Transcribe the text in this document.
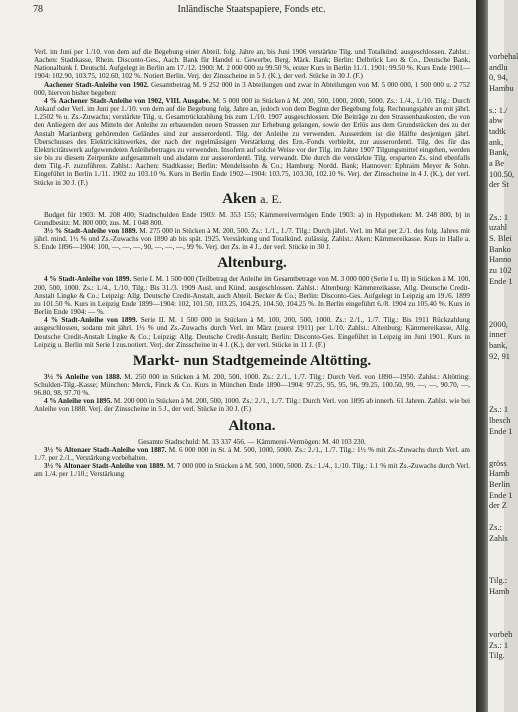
78	Inländische Staatspapiere, Fonds etc.

Verl. im Juni per 1./10. von dem auf die Begebung einer Abteil. folg. Jahre an, bis Juni 1906 verstärkte Tilg. und Totalkünd. ausgeschlossen. Zahlst.: Aachen: Stadtkasse, Rhein. Disconto-Ges., Aach. Bank für Handel u. Gewerbe, Berg. Märk. Bank; Berlin: Delbrück Leo & Co., Deutsche Bank, Nationalbank f. Deutschl. Aufgelegt in Berlin am 17./12. 1900: M. 2 000 000 zu 99.50 %, erster Kurs in Berlin 11./1. 1901: 99.50 %. Kurs Ende 1901—1904: 102.90, 103.75, 102.60, 102 %. Notiert Berlin. Verj. der Zinsscheine in 5 J. (K.), der verl. Stücke in 30 J. (F.)

Aachener Stadt-Anleihe von 1902. Gesamtbetrag M. 9 252 000 in 3 Abteilungen und zwar in Abteilungen von M. 5 000 000, 1 500 000 u. 2 752 000, hiervon bisher begeben:

4 % Aachener Stadt-Anleihe von 1902, VIII. Ausgabe. M. 5 000 000 in Stücken à M. 200, 500, 1000, 2000, 5000. Zs.: 1./4., 1./10. Tilg.: Durch Ankauf oder Verl. im Juni per 1./10. von dem auf die Begebung folg. Jahre an, jedoch von dem Beginn der Begebung folg. Rechnungsjahre an mit jährl. 1.2502 % u. Zs.-Zuwachs; verstärkte Tilg. u. Gesamtrückzahlung bis zum 1./10. 1907 ausgeschlossen. Die Beiträge zu den Strassenbaukosten, die von den Anliegern der aus Mitteln der Anleihe zu erbauenden neuen Strassen zur Erhebung gelangen, sowie der Erlös aus dem Grundstücken des zu der Anstalt Marianberg gehörenden Geländes sind zur ausserordentl. Tilg. der Anleihe zu verwenden. Ausserdem ist die Hälfte desjenigen jährl. Überschusses des Elektricitätswerkes, der nach der regelmässigen Verstärkung des Ern.-Fonds verbleibt, zur ausserordentl. Tilg. des für das Elektricitätswerk aufgewendeten Anleihebetrages zu verwenden. Insofern auf solche Weise vor der Tilg. im Jahre 1907 Tilgungsmittel eingehen, werden sie bis zu diesem Zeitpunkte aufgesammelt und alsdann zur ausserordentl. Tilg. verwandt. Die durch die verstärkte Tilg. ersparten Zs. sind ebenfalls dem Tilg.-F. zuzuführen. Zahlst.: Aachen: Stadtkasse; Berlin: Mendelssohn & Co.; Hamburg: Nordd. Bank; Hannover: Ephraim Meyer & Sohn. Eingeführt in Berlin 1./11. 1902 zu 103.10 %. Kurs in Berlin Ende 1902—1904: 103.75, 103.30, 102.10 %. Verj. der Zinsscheine in 4 J. (K.), der verl. Stücke in 30 J. (F.)

Aken a. E.

Budget für 1903: M. 208 400; Stadtschulden Ende 1903: M. 353 155; Kämmereivermögen Ende 1903: a) in Hypotheken: M. 248 800, b) in Grundbesitz: M. 800 000; zus. M. 1 048 800.

3½ % Stadt-Anleihe von 1889. M. 275 000 in Stücken à M. 200, 500. Zs.: 1./1., 1./7. Tilg.: Durch jährl. Verl. im Mai per 2./1. des folg. Jahres mit jährl. mind. 1½ % und Zs.-Zuwachs von 1890 ab bis spät. 1925. Verstärkung und Totalkünd. zulässig. Zahlst.: Aken: Kämmereikasse. Kurs in Halle a. S. Ende 1896—1904: 100, —, —, —, 90, —, —, —, 99 %. Verj. der Zs. in 4 J., der verl. Stücke in 30 J.

Altenburg.

4 % Stadt-Anleihe von 1899. Serie I. M. 1 500 000 (Teilbetrag der Anleihe im Gesamtbetrage von M. 3 000 000 (Serie I u. II) in Stücken à M. 100, 200, 500, 1000. Zs.: 1./4., 1./10. Tilg.: Bis 31./3. 1909 Ausl. und Künd. ausgeschlossen. Zahlst.: Altenburg: Kämmereikasse, Allg. Deutsche Credit-Anstalt Lingke & Co.; Leipzig: Allg. Deutsche Credit-Anstalt, auch Abteil. Becker & Co.; Berlin: Disconto-Ges. Aufgelegt in Leipzig am 19./6. 1899 zu 101.50 %. Kurs in Leipzig Ende 1899—1904: 102, 101.50, 103.25, 104.25, 104.50, 104.25 %. In Berlin eingeführt 6./8. 1904 zu 105.40 %. Kurs in Berlin Ende 1904: — %.

4 % Stadt-Anleihe von 1899. Serie II. M. 1 500 000 in Stücken à M. 100, 200, 500, 1000. Zs.: 2./1., 1./7. Tilg.: Bis 1911 Rückzahlung ausgeschlossen, sodann mit jährl. 1½ % und Zs.-Zuwachs durch Verl. im März (zuerst 1911) per 1./10. Zahlst.: Altenburg: Kämmereikasse, Allg. Deutsche Credit-Anstalt Lingke & Co.; Leipzig: Allg. Deutsche Credit-Anstalt; Berlin: Disconto-Ges. Eingeführt in Leipzig im Juni 1901. Kurs in Leipzig u. Berlin mit Serie I zus.notiert. Verj. der Zinsscheine in 4 J. (K.), der verl. Stücke in 11 J. (F.)

Markt- nun Stadtgemeinde Altötting.

3½ % Anleihe von 1888. M. 250 000 in Stücken à M. 200, 500, 1000. Zs.: 2./1., 1./7. Tilg.: Durch Verl. von 1890—1950. Zahlst.: Altötting: Schulden-Tilg.-Kasse; München: Merck, Finck & Co. Kurs in München Ende 1890—1904: 97.25, 95, 95, 96, 99.25, 100.50, 99, —, —, 90.70, —, 96.80, 98, 97.70 %.

4 % Anleihe von 1895. M. 200 000 in Stücken à M. 200, 500, 1000. Zs.: 2./1., 1./7. Tilg.: Durch Verl. von 1895 ab innerh. 61 Jahren. Zahlst. wie bei Anleihe von 1888. Verj. der Zinsscheine in 5 J., der verl. Stücke in 30 J. (F.)

Altona.

Gesamte Stadtschuld: M. 33 337 456. — Kämmerei-Vermögen: M. 40 103 230.

3½ % Altonaer Stadt-Anleihe von 1887. M. 6 000 000 in St. à M. 500, 1000, 5000. Zs.: 2./1., 1./7. Tilg.: 1½ % mit Zs.-Zuwachs durch Verl. am 1./7. per 2./1., Verstärkung vorbehalten.

3½ % Altonaer Stadt-Anleihe von 1889. M. 7 000 000 in Stücken à M. 500, 1000, 5000. Zs.: 1./4., 1./10. Tilg.: 1.1 % mit Zs.-Zuwachs durch Verl. am 1./4. per 1./10.; Verstärkung

vorbehal
andlu
0, 94,
Hambu
s.: 1./
abw
tadtk
ank,
Bank,
a Be
100.50,
der St
Zs.: 1
uzahl
S. Blei
Banko
Hanno
zu 102
Ende 1
2000,
inner
bank,
92, 91
Zs.: 1
lbesch
Ende 1
gröss
Hamb
Berlin
Ende 1
der Z
Zs.:
Zahls
Tilg.:
Hamb
vorbeh
Zs.: 1
Tilg.
